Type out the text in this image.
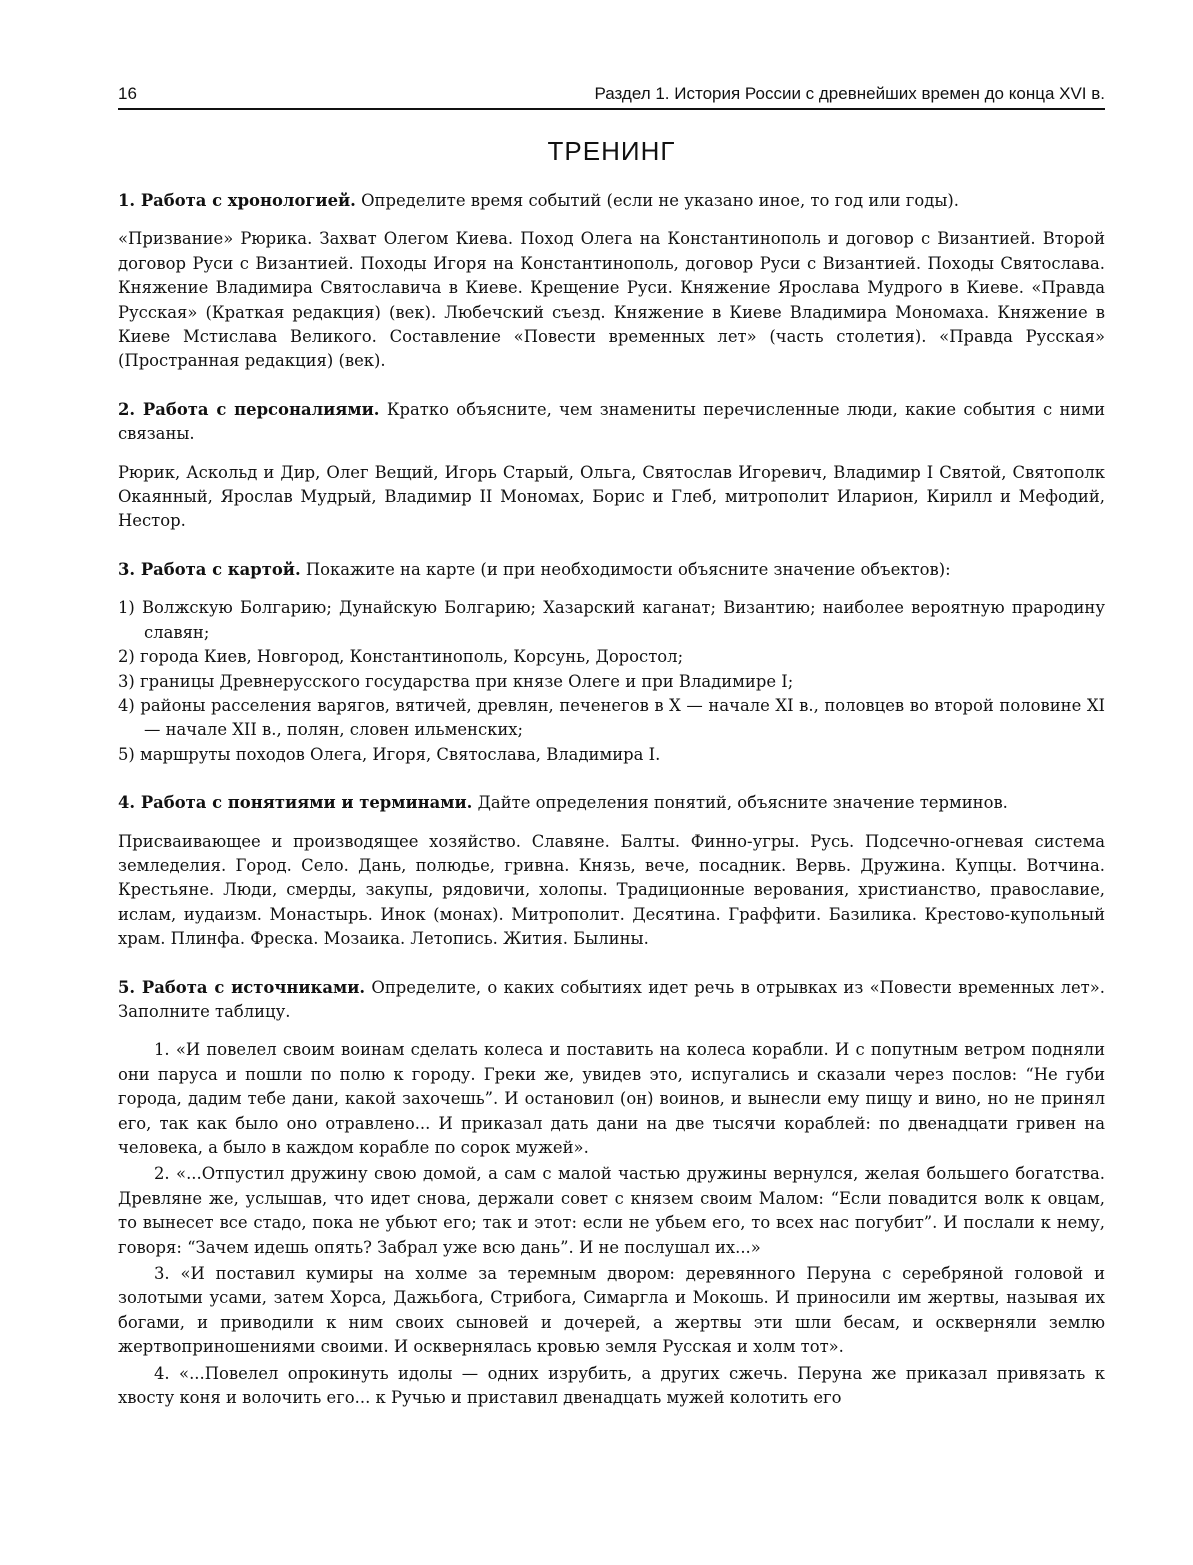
16	Раздел 1. История России с древнейших времен до конца XVI в.
ТРЕНИНГ

1. Работа с хронологией. Определите время событий (если не указано иное, то год или годы).

«Призвание» Рюрика. Захват Олегом Киева. Поход Олега на Константинополь и договор с Византией. Второй договор Руси с Византией. Походы Игоря на Константинополь, договор Руси с Византией. Походы Святослава. Княжение Владимира Святославича в Киеве. Крещение Руси. Княжение Ярослава Мудрого в Киеве. «Правда Русская» (Краткая редакция) (век). Любечский съезд. Княжение в Киеве Владимира Мономаха. Княжение в Киеве Мстислава Великого. Составление «Повести временных лет» (часть столетия). «Правда Русская» (Пространная редакция) (век).

2. Работа с персоналиями. Кратко объясните, чем знамениты перечисленные люди, какие события с ними связаны.

Рюрик, Аскольд и Дир, Олег Вещий, Игорь Старый, Ольга, Святослав Игоревич, Владимир I Святой, Святополк Окаянный, Ярослав Мудрый, Владимир II Мономах, Борис и Глеб, митрополит Иларион, Кирилл и Мефодий, Нестор.

3. Работа с картой. Покажите на карте (и при необходимости объясните значение объектов):

1) Волжскую Болгарию; Дунайскую Болгарию; Хазарский каганат; Византию; наиболее вероятную прародину славян;
2) города Киев, Новгород, Константинополь, Корсунь, Доростол;
3) границы Древнерусского государства при князе Олеге и при Владимире I;
4) районы расселения варягов, вятичей, древлян, печенегов в X — начале XI в., половцев во второй половине XI — начале XII в., полян, словен ильменских;
5) маршруты походов Олега, Игоря, Святослава, Владимира I.

4. Работа с понятиями и терминами. Дайте определения понятий, объясните значение терминов.

Присваивающее и производящее хозяйство. Славяне. Балты. Финно-угры. Русь. Подсечно-огневая система земледелия. Город. Село. Дань, полюдье, гривна. Князь, вече, посадник. Вервь. Дружина. Купцы. Вотчина. Крестьяне. Люди, смерды, закупы, рядовичи, холопы. Традиционные верования, христианство, православие, ислам, иудаизм. Монастырь. Инок (монах). Митрополит. Десятина. Граффити. Базилика. Крестово-купольный храм. Плинфа. Фреска. Мозаика. Летопись. Жития. Былины.

5. Работа с источниками. Определите, о каких событиях идет речь в отрывках из «Повести временных лет». Заполните таблицу.

1. «И повелел своим воинам сделать колеса и поставить на колеса корабли. И с попутным ветром подняли они паруса и пошли по полю к городу. Греки же, увидев это, испугались и сказали через послов: “Не губи города, дадим тебе дани, какой захочешь”. И остановил (он) воинов, и вынесли ему пищу и вино, но не принял его, так как было оно отравлено... И приказал дать дани на две тысячи кораблей: по двенадцати гривен на человека, а было в каждом корабле по сорок мужей».

2. «...Отпустил дружину свою домой, а сам с малой частью дружины вернулся, желая большего богатства. Древляне же, услышав, что идет снова, держали совет с князем своим Малом: “Если повадится волк к овцам, то вынесет все стадо, пока не убьют его; так и этот: если не убьем его, то всех нас погубит”. И послали к нему, говоря: “Зачем идешь опять? Забрал уже всю дань”. И не послушал их...»

3. «И поставил кумиры на холме за теремным двором: деревянного Перуна с серебряной головой и золотыми усами, затем Хорса, Дажьбога, Стрибога, Симаргла и Мокошь. И приносили им жертвы, называя их богами, и приводили к ним своих сыновей и дочерей, а жертвы эти шли бесам, и оскверняли землю жертвоприношениями своими. И осквернялась кровью земля Русская и холм тот».

4. «...Повелел опрокинуть идолы — одних изрубить, а других сжечь. Перуна же приказал привязать к хвосту коня и волочить его... к Ручью и приставил двенадцать мужей колотить его
